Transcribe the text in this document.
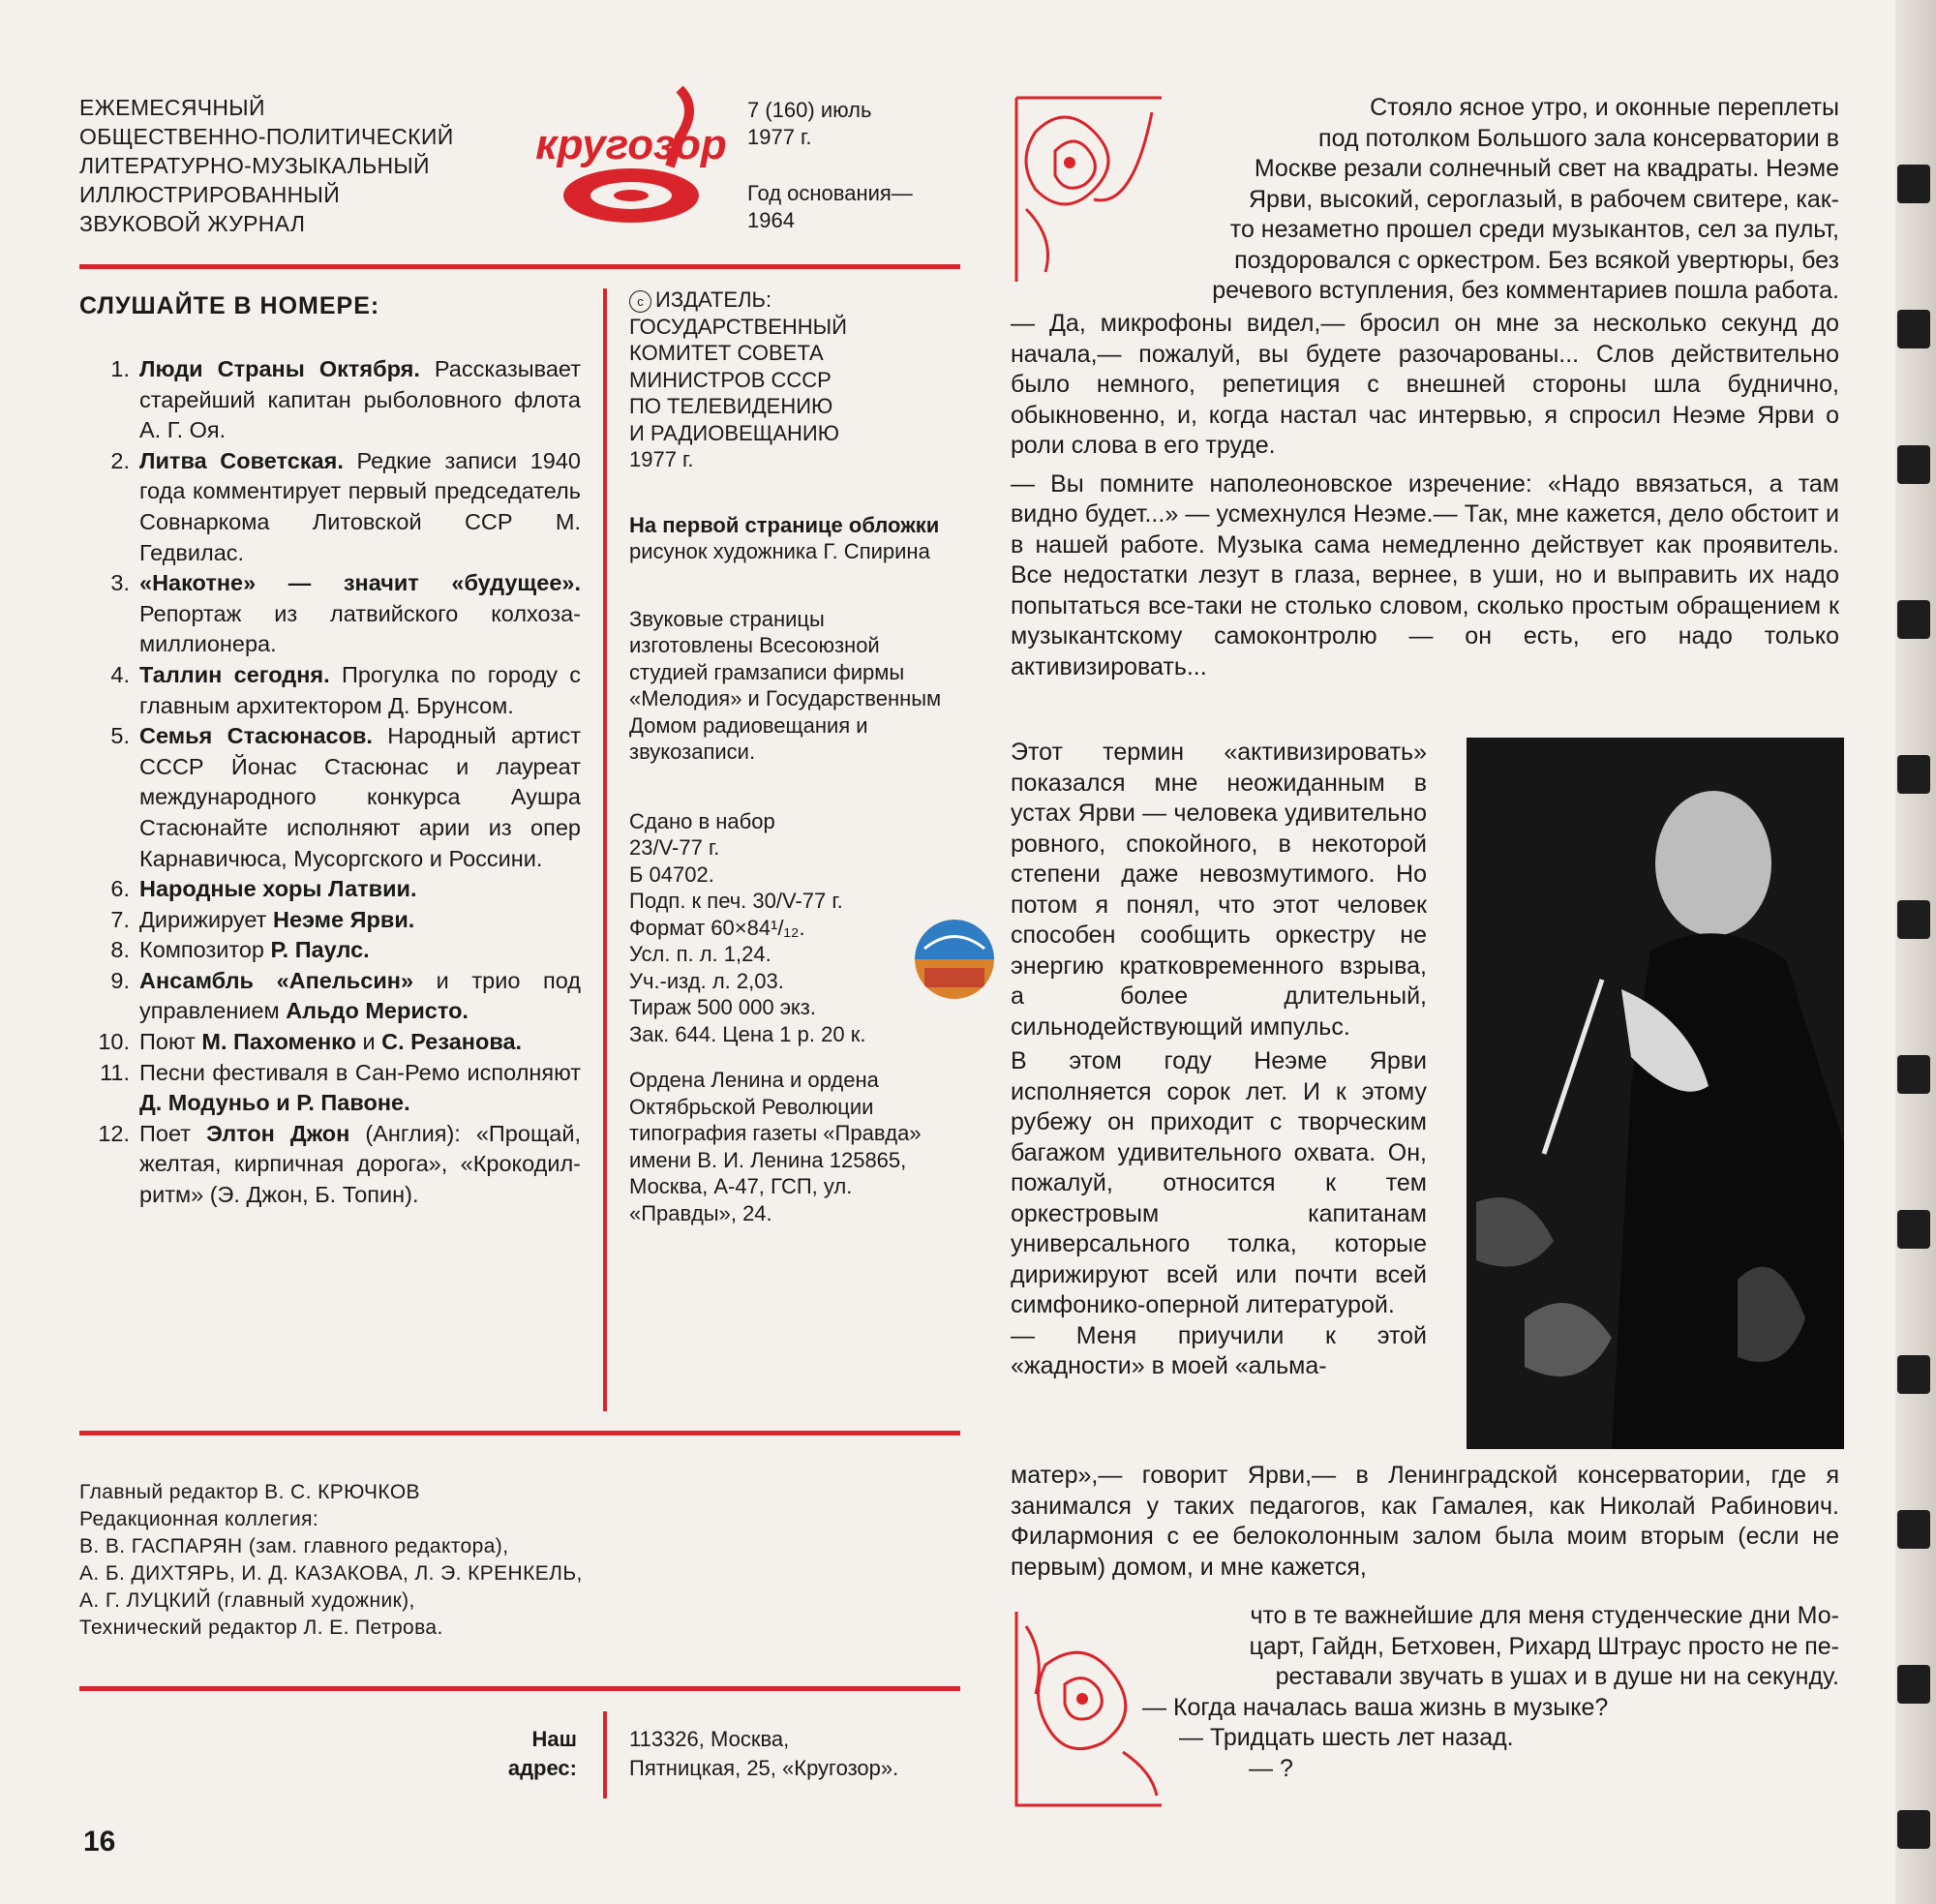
ЕЖЕМЕСЯЧНЫЙ
ОБЩЕСТВЕННО-ПОЛИТИЧЕСКИЙ
ЛИТЕРАТУРНО-МУЗЫКАЛЬНЫЙ
ИЛЛЮСТРИРОВАННЫЙ
ЗВУКОВОЙ ЖУРНАЛ
кругозор
7 (160) июль
1977 г.
Год основания—
1964
СЛУШАЙТЕ В НОМЕРЕ:
1. Люди Страны Октября. Рассказывает старейший капитан рыболовного флота А. Г. Оя.
2. Литва Советская. Редкие записи 1940 года комментирует первый председатель Совнаркома Литовской ССР М. Гедвилас.
3. «Накотне» — значит «будущее». Репортаж из латвийского колхоза-миллионера.
4. Таллин сегодня. Прогулка по городу с главным архитектором Д. Брунсом.
5. Семья Стасюнасов. Народный артист СССР Йонас Стасюнас и лауреат международного конкурса Аушра Стасюнайте исполняют арии из опер Карнавичюса, Мусоргского и Россини.
6. Народные хоры Латвии.
7. Дирижирует Неэме Ярви.
8. Композитор Р. Паулс.
9. Ансамбль «Апельсин» и трио под управлением Альдо Меристо.
10. Поют М. Пахоменко и С. Резанова.
11. Песни фестиваля в Сан-Ремо исполняют Д. Модуньо и Р. Павоне.
12. Поет Элтон Джон (Англия): «Прощай, желтая, кирпичная дорога», «Крокодил-ритм» (Э. Джон, Б. Топин).
c ИЗДАТЕЛЬ:
ГОСУДАРСТВЕННЫЙ
КОМИТЕТ СОВЕТА
МИНИСТРОВ СССР
ПО ТЕЛЕВИДЕНИЮ
И РАДИОВЕЩАНИЮ
1977 г.
На первой странице обложки
рисунок художника Г. Спирина
Звуковые страницы изготовлены Всесоюзной студией грамзаписи фирмы «Мелодия» и Государственным Домом радиовещания и звукозаписи.
Сдано в набор
23/V-77 г.
Б 04702.
Подп. к печ. 30/V-77 г.
Формат 60×84¹/₁₂.
Усл. п. л. 1,24.
Уч.-изд. л. 2,03.
Тираж 500 000 экз.
Зак. 644. Цена 1 р. 20 к.
Ордена Ленина и ордена Октябрьской Революции типография газеты «Правда» имени В. И. Ленина 125865, Москва, А-47, ГСП, ул. «Правды», 24.
Главный редактор В. С. КРЮЧКОВ
Редакционная коллегия:
В. В. ГАСПАРЯН (зам. главного редактора),
А. Б. ДИХТЯРЬ, И. Д. КАЗАКОВА, Л. Э. КРЕНКЕЛЬ,
А. Г. ЛУЦКИЙ (главный художник),
Технический редактор Л. Е. Петрова.
Наш
адрес:
113326, Москва,
Пятницкая, 25, «Кругозор».
16

Стояло ясное утро, и оконные переплеты

под потолком Большого зала консерватории в

Москве резали солнечный свет на квадраты. Неэме

Ярви, высокий, сероглазый, в рабочем свитере, как-

то незаметно прошел среди музыкантов, сел за пульт,

поздоровался с оркестром. Без всякой увертюры, без

речевого вступления, без комментариев пошла работа.

— Да, микрофоны видел,— бросил он мне за несколько секунд до начала,— пожалуй, вы будете разочарованы... Слов действительно было немного, репетиция с внешней стороны шла буднично, обыкновенно, и, когда настал час интервью, я спросил Неэме Ярви о роли слова в его труде.

— Вы помните наполеоновское изречение: «Надо ввязаться, а там видно будет...» — усмехнулся Неэме.— Так, мне кажется, дело обстоит и в нашей работе. Музыка сама немедленно действует как проявитель. Все недостатки лезут в глаза, вернее, в уши, но и выправить их надо попытаться все-таки не столько словом, сколько простым обращением к музыкантскому самоконтролю — он есть, его надо только активизировать...

Этот термин «активизировать» показался мне неожиданным в устах Ярви — человека удивительно ровного, спокойного, в некоторой степени даже невозмутимого. Но потом я понял, что этот человек способен сообщить оркестру не энергию кратковременного взрыва, а более длительный, сильнодействующий импульс.

В этом году Неэме Ярви исполняется сорок лет. И к этому рубежу он приходит с творческим багажом удивительного охвата. Он, пожалуй, относится к тем оркестровым капитанам универсального толка, которые дирижируют всей или почти всей симфонико-оперной литературой.

— Меня приучили к этой «жадности» в моей «альма-

матер»,— говорит Ярви,— в Ленинградской консерватории, где я занимался у таких педагогов, как Гамалея, как Николай Рабинович. Филармония с ее белоколонным залом была моим вторым (если не первым) домом, и мне кажется,

что в те важнейшие для меня студенческие дни Мо-

царт, Гайдн, Бетховен, Рихард Штраус просто не пе-

реставали звучать в ушах и в душе ни на секунду.

— Когда началась ваша жизнь в музыке?

— Тридцать шесть лет назад.

— ?
